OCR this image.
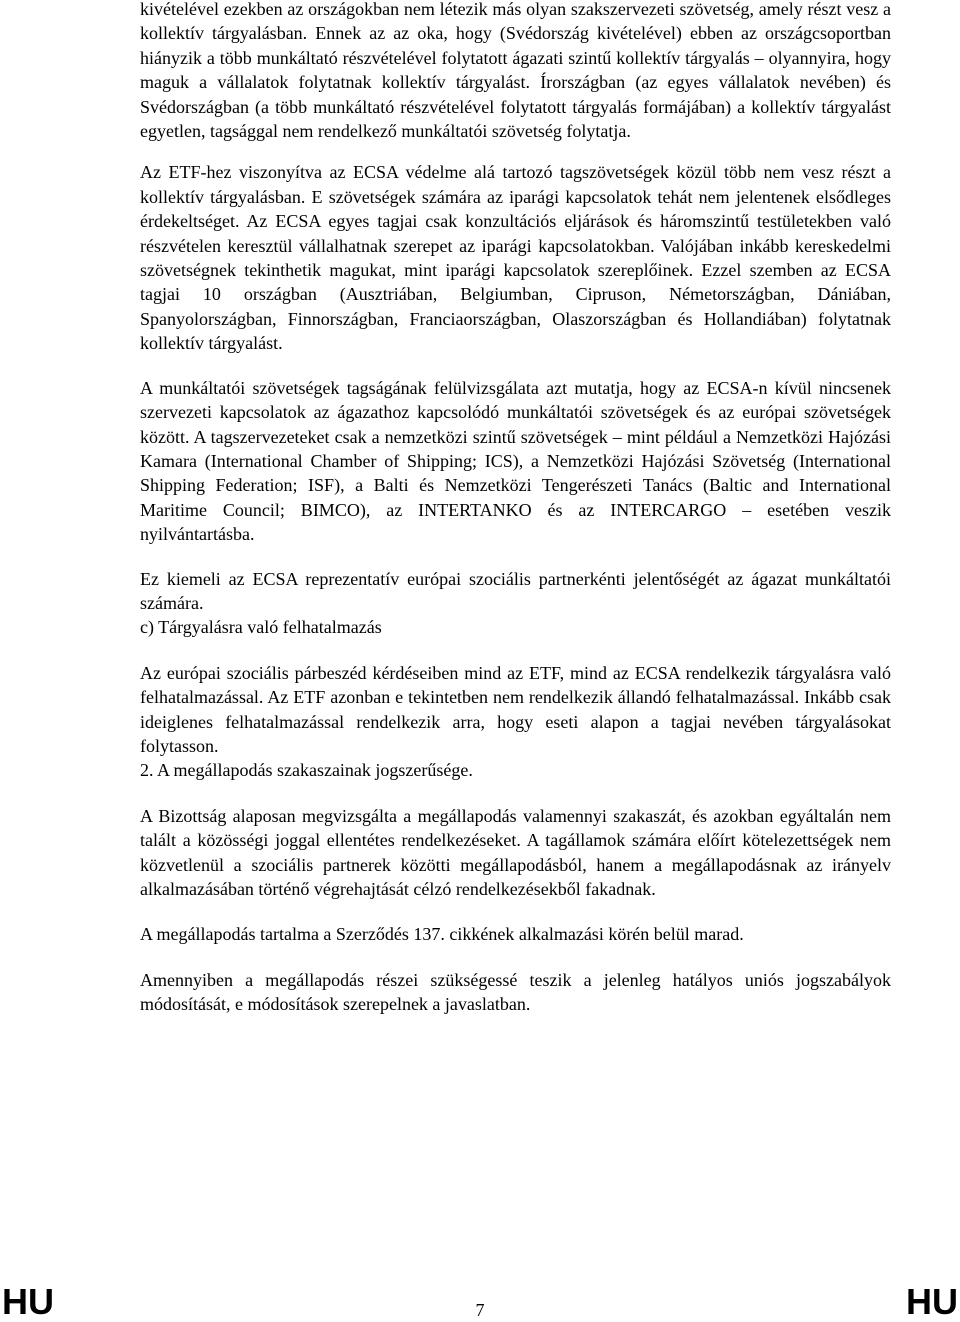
kivételével ezekben az országokban nem létezik más olyan szakszervezeti szövetség, amely részt vesz a kollektív tárgyalásban. Ennek az az oka, hogy (Svédország kivételével) ebben az országcsoportban hiányzik a több munkáltató részvételével folytatott ágazati szintű kollektív tárgyalás – olyannyira, hogy maguk a vállalatok folytatnak kollektív tárgyalást. Írországban (az egyes vállalatok nevében) és Svédországban (a több munkáltató részvételével folytatott tárgyalás formájában) a kollektív tárgyalást egyetlen, tagsággal nem rendelkező munkáltatói szövetség folytatja.

Az ETF-hez viszonyítva az ECSA védelme alá tartozó tagszövetségek közül több nem vesz részt a kollektív tárgyalásban. E szövetségek számára az iparági kapcsolatok tehát nem jelentenek elsődleges érdekeltséget. Az ECSA egyes tagjai csak konzultációs eljárások és háromszintű testületekben való részvételen keresztül vállalhatnak szerepet az iparági kapcsolatokban. Valójában inkább kereskedelmi szövetségnek tekinthetik magukat, mint iparági kapcsolatok szereplőinek. Ezzel szemben az ECSA tagjai 10 országban (Ausztriában, Belgiumban, Cipruson, Németországban, Dániában, Spanyolországban, Finnországban, Franciaországban, Olaszországban és Hollandiában) folytatnak kollektív tárgyalást.

A munkáltatói szövetségek tagságának felülvizsgálata azt mutatja, hogy az ECSA-n kívül nincsenek szervezeti kapcsolatok az ágazathoz kapcsolódó munkáltatói szövetségek és az európai szövetségek között. A tagszervezeteket csak a nemzetközi szintű szövetségek – mint például a Nemzetközi Hajózási Kamara (International Chamber of Shipping; ICS), a Nemzetközi Hajózási Szövetség (International Shipping Federation; ISF), a Balti és Nemzetközi Tengerészeti Tanács (Baltic and International Maritime Council; BIMCO), az INTERTANKO és az INTERCARGO – esetében veszik nyilvántartásba.

Ez kiemeli az ECSA reprezentatív európai szociális partnerkénti jelentőségét az ágazat munkáltatói számára.

c) Tárgyalásra való felhatalmazás

Az európai szociális párbeszéd kérdéseiben mind az ETF, mind az ECSA rendelkezik tárgyalásra való felhatalmazással. Az ETF azonban e tekintetben nem rendelkezik állandó felhatalmazással. Inkább csak ideiglenes felhatalmazással rendelkezik arra, hogy eseti alapon a tagjai nevében tárgyalásokat folytasson.

2. A megállapodás szakaszainak jogszerűsége.

A Bizottság alaposan megvizsgálta a megállapodás valamennyi szakaszát, és azokban egyáltalán nem talált a közösségi joggal ellentétes rendelkezéseket. A tagállamok számára előírt kötelezettségek nem közvetlenül a szociális partnerek közötti megállapodásból, hanem a megállapodásnak az irányelv alkalmazásában történő végrehajtását célzó rendelkezésekből fakadnak.

A megállapodás tartalma a Szerződés 137. cikkének alkalmazási körén belül marad.

Amennyiben a megállapodás részei szükségessé teszik a jelenleg hatályos uniós jogszabályok módosítását, e módosítások szerepelnek a javaslatban.

HU	7	HU
